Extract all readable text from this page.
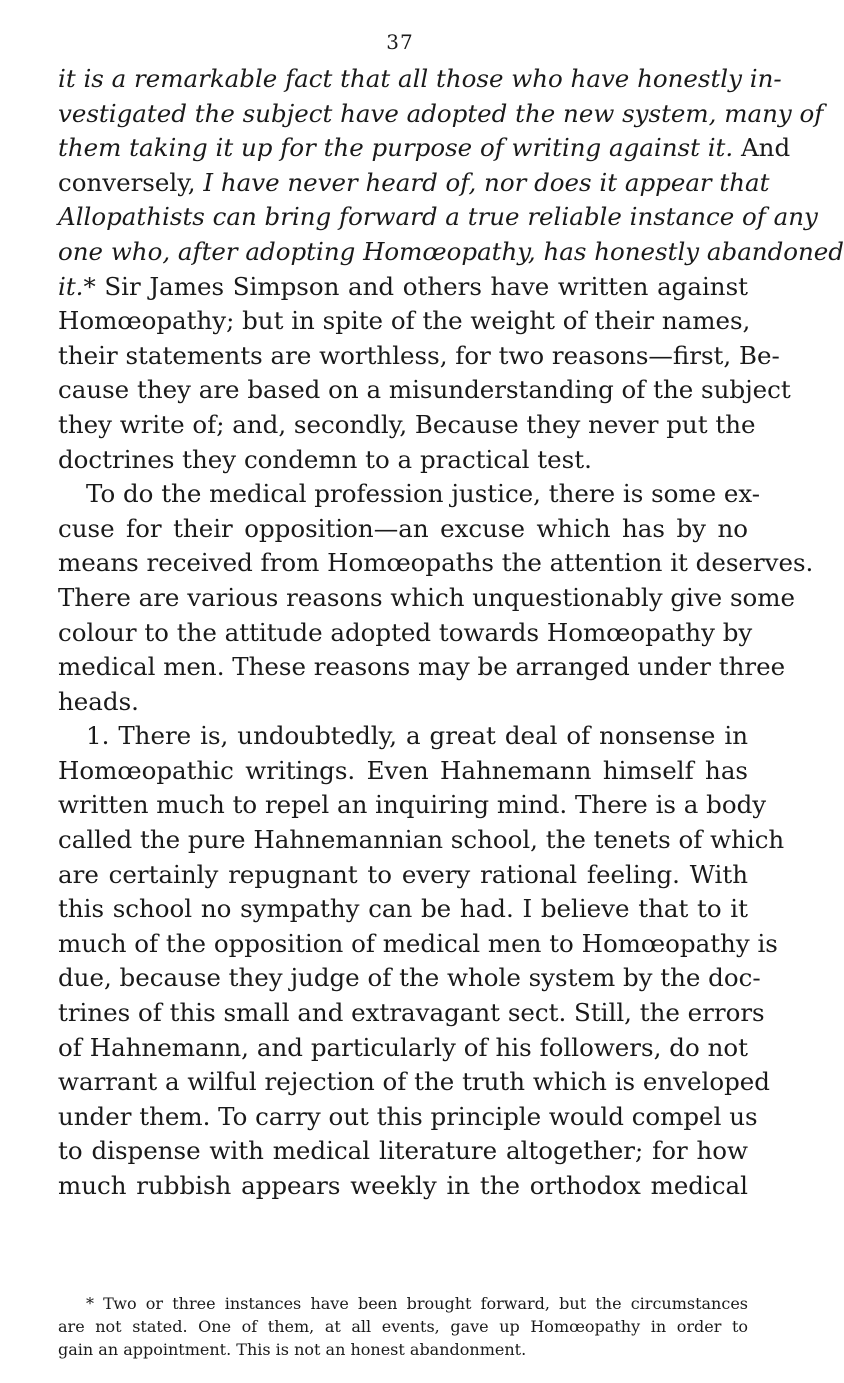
37
it is a remarkable fact that all those who have honestly in-
vestigated the subject have adopted the new system, many of
them taking it up for the purpose of writing against it. And
conversely, I have never heard of, nor does it appear that
Allopathists can bring forward a true reliable instance of any
one who, after adopting Homœopathy, has honestly abandoned
it.* Sir James Simpson and others have written against
Homœopathy; but in spite of the weight of their names,
their statements are worthless, for two reasons—first, Be-
cause they are based on a misunderstanding of the subject
they write of; and, secondly, Because they never put the
doctrines they condemn to a practical test.
To do the medical profession justice, there is some ex-
cuse for their opposition—an excuse which has by no
means received from Homœopaths the attention it deserves.
There are various reasons which unquestionably give some
colour to the attitude adopted towards Homœopathy by
medical men. These reasons may be arranged under three
heads.
1. There is, undoubtedly, a great deal of nonsense in
Homœopathic writings. Even Hahnemann himself has
written much to repel an inquiring mind. There is a body
called the pure Hahnemannian school, the tenets of which
are certainly repugnant to every rational feeling. With
this school no sympathy can be had. I believe that to it
much of the opposition of medical men to Homœopathy is
due, because they judge of the whole system by the doc-
trines of this small and extravagant sect. Still, the errors
of Hahnemann, and particularly of his followers, do not
warrant a wilful rejection of the truth which is enveloped
under them. To carry out this principle would compel us
to dispense with medical literature altogether; for how
much rubbish appears weekly in the orthodox medical
* Two or three instances have been brought forward, but the circumstances
are not stated. One of them, at all events, gave up Homœopathy in order to
gain an appointment. This is not an honest abandonment.
